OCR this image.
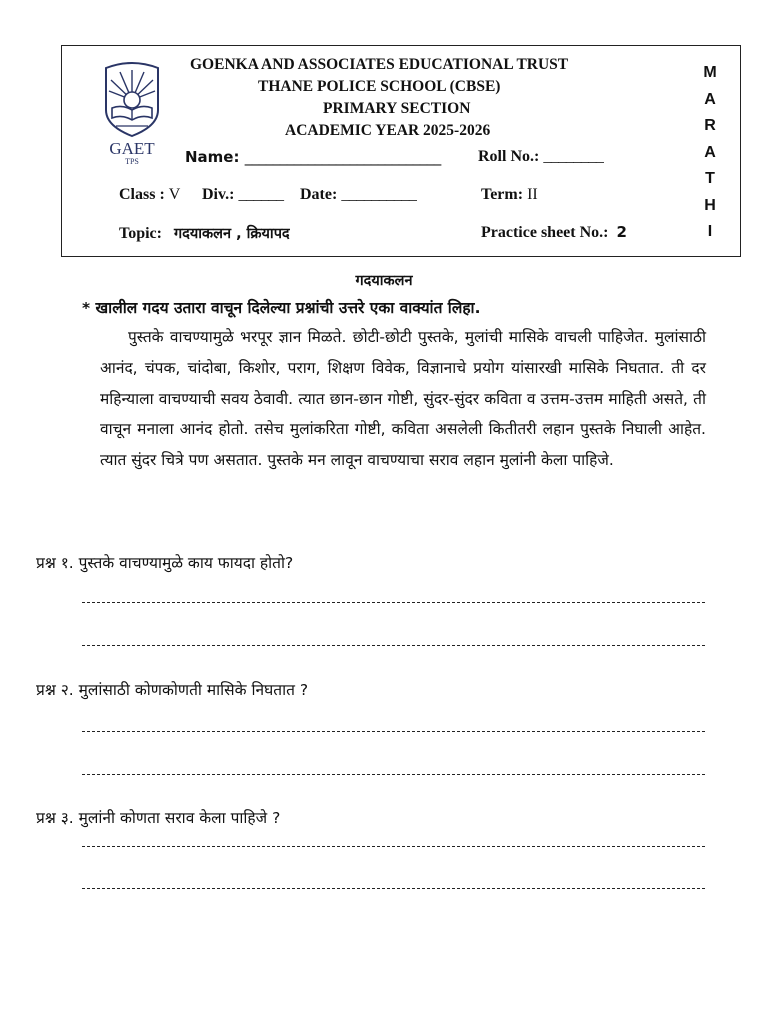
GAET
TPS
GOENKA AND ASSOCIATES EDUCATIONAL TRUST
THANE POLICE SCHOOL (CBSE)
PRIMARY SECTION
ACADEMIC YEAR 2025-2026
Name: ____________________________ Roll No.: ________
Class : V Div.: ______ Date: __________	Term: II
Topic: गदयाकलन , क्रियापद	Practice sheet No.: 2
M
A
R
A
T
H
I
गदयाकलन
* खालील गदय उतारा वाचून दिलेल्या प्रश्नांची उत्तरे एका वाक्यांत लिहा.
पुस्तके वाचण्यामुळे भरपूर ज्ञान मिळते. छोटी-छोटी पुस्तके, मुलांची मासिके वाचली पाहिजेत. मुलांसाठी आनंद, चंपक, चांदोबा, किशोर, पराग, शिक्षण विवेक, विज्ञानाचे प्रयोग यांसारखी मासिके निघतात. ती दर महिन्याला वाचण्याची सवय ठेवावी. त्यात छान-छान गोष्टी, सुंदर-सुंदर कविता व उत्तम-उत्तम माहिती असते, ती वाचून मनाला आनंद होतो. तसेच मुलांकरिता गोष्टी, कविता असलेली कितीतरी लहान पुस्तके निघाली आहेत. त्यात सुंदर चित्रे पण असतात. पुस्तके मन लावून वाचण्याचा सराव लहान मुलांनी केला पाहिजे.
प्रश्न १. पुस्तके वाचण्यामुळे काय फायदा होतो?
प्रश्न २. मुलांसाठी कोणकोणती मासिके निघतात ?
प्रश्न ३. मुलांनी कोणता सराव केला पाहिजे ?
